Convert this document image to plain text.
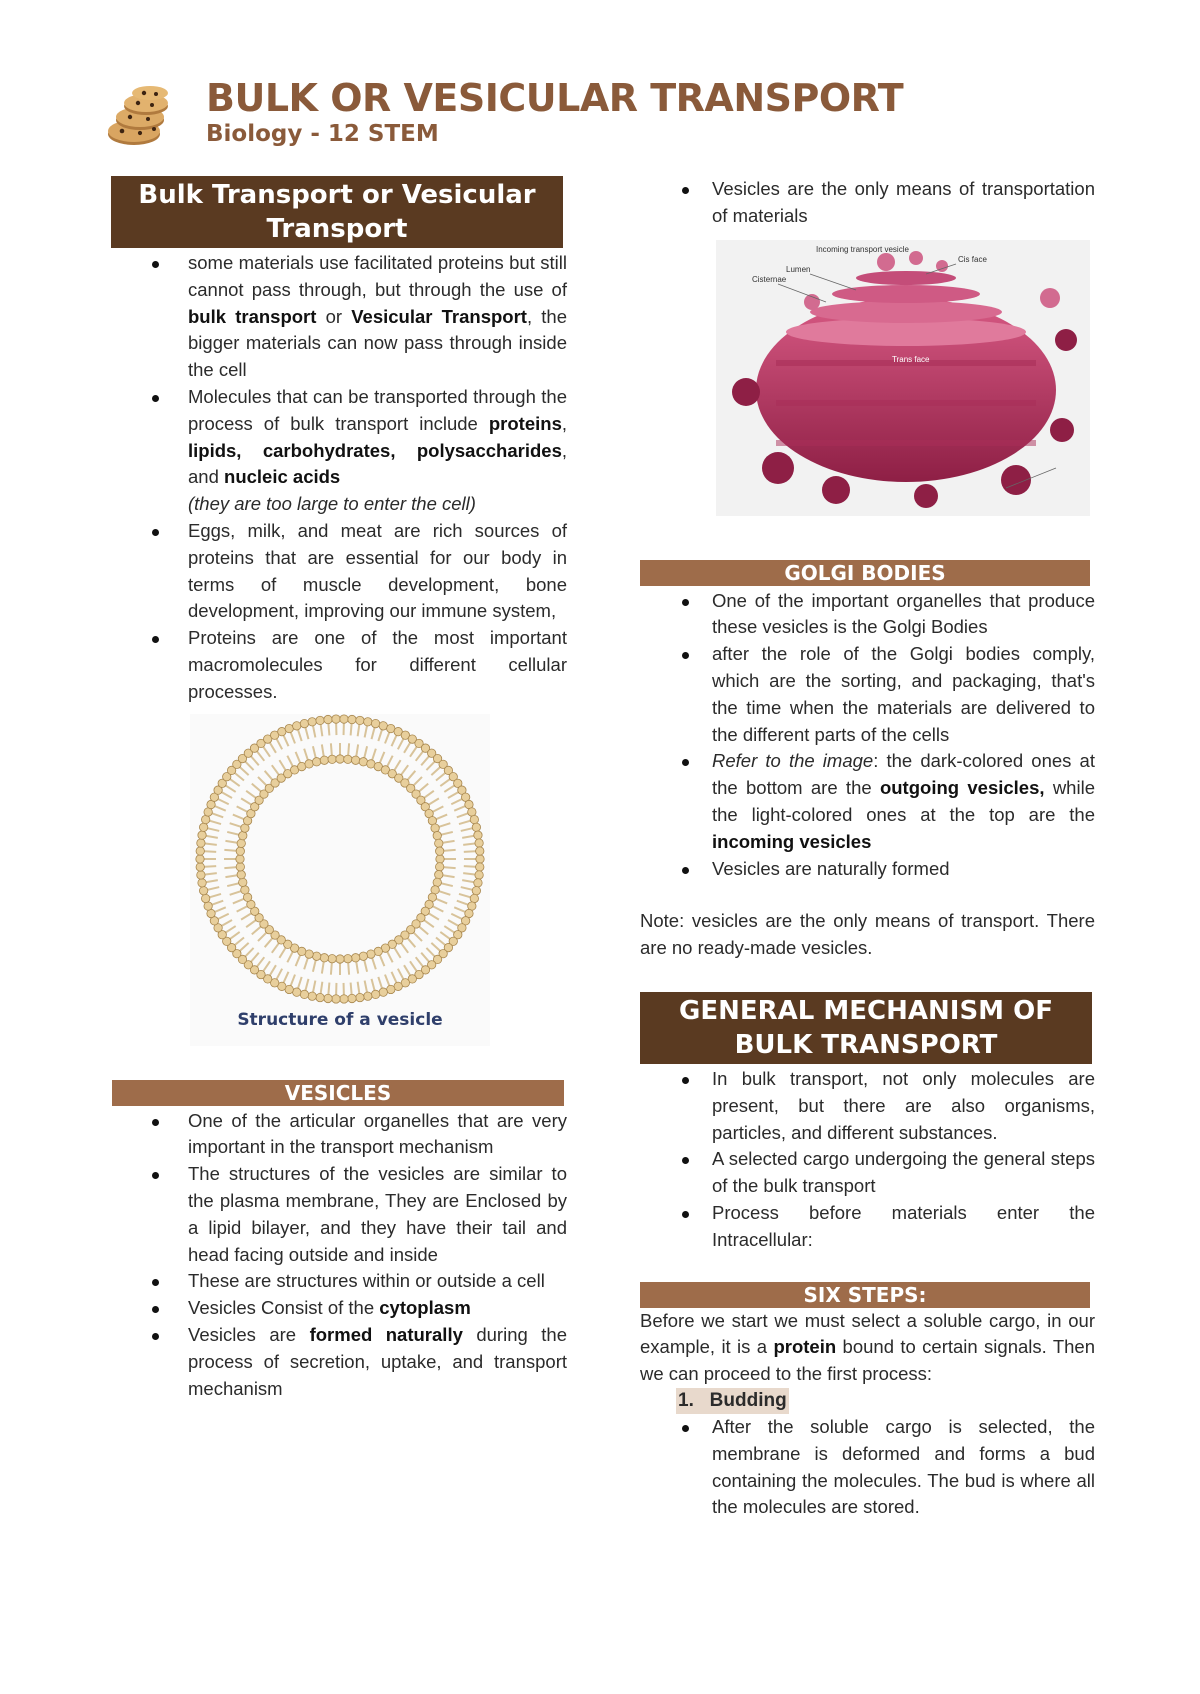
BULK OR VESICULAR TRANSPORT
Biology - 12 STEM
Bulk Transport or Vesicular Transport
some materials use facilitated proteins but still cannot pass through, but through the use of bulk transport or Vesicular Transport, the bigger materials can now pass through inside the cell
Molecules that can be transported through the process of bulk transport include proteins, lipids, carbohydrates, polysaccharides, and nucleic acids
(they are too large to enter the cell)
Eggs, milk, and meat are rich sources of proteins that are essential for our body in terms of muscle development, bone development, improving our immune system,
Proteins are one of the most important macromolecules for different cellular processes.
Structure of a vesicle
VESICLES
One of the articular organelles that are very important in the transport mechanism
The structures of the vesicles are similar to the plasma membrane, They are Enclosed by a lipid bilayer, and they have their tail and head facing outside and inside
These are structures within or outside a cell
Vesicles Consist of the cytoplasm
Vesicles are formed naturally during the process of secretion, uptake, and transport mechanism
Vesicles are the only means of transportation of materials
Incoming transport vesicle
Cis face
Lumen
Cisternae
Trans face
GOLGI BODIES
One of the important organelles that produce these vesicles is the Golgi Bodies
after the role of the Golgi bodies comply, which are the sorting, and packaging, that's the time when the materials are delivered to the different parts of the cells
Refer to the image: the dark-colored ones at the bottom are the outgoing vesicles, while the light-colored ones at the top are the incoming vesicles
Vesicles are naturally formed
Note: vesicles are the only means of transport. There are no ready-made vesicles.
GENERAL MECHANISM OF BULK TRANSPORT
In bulk transport, not only molecules are present, but there are also organisms, particles, and different substances.
A selected cargo undergoing the general steps of the bulk transport
Process before materials enter the Intracellular:
SIX STEPS:
Before we start we must select a soluble cargo, in our example, it is a protein bound to certain signals. Then we can proceed to the first process:
1.   Budding
After the soluble cargo is selected, the membrane is deformed and forms a bud containing the molecules. The bud is where all the molecules are stored.
